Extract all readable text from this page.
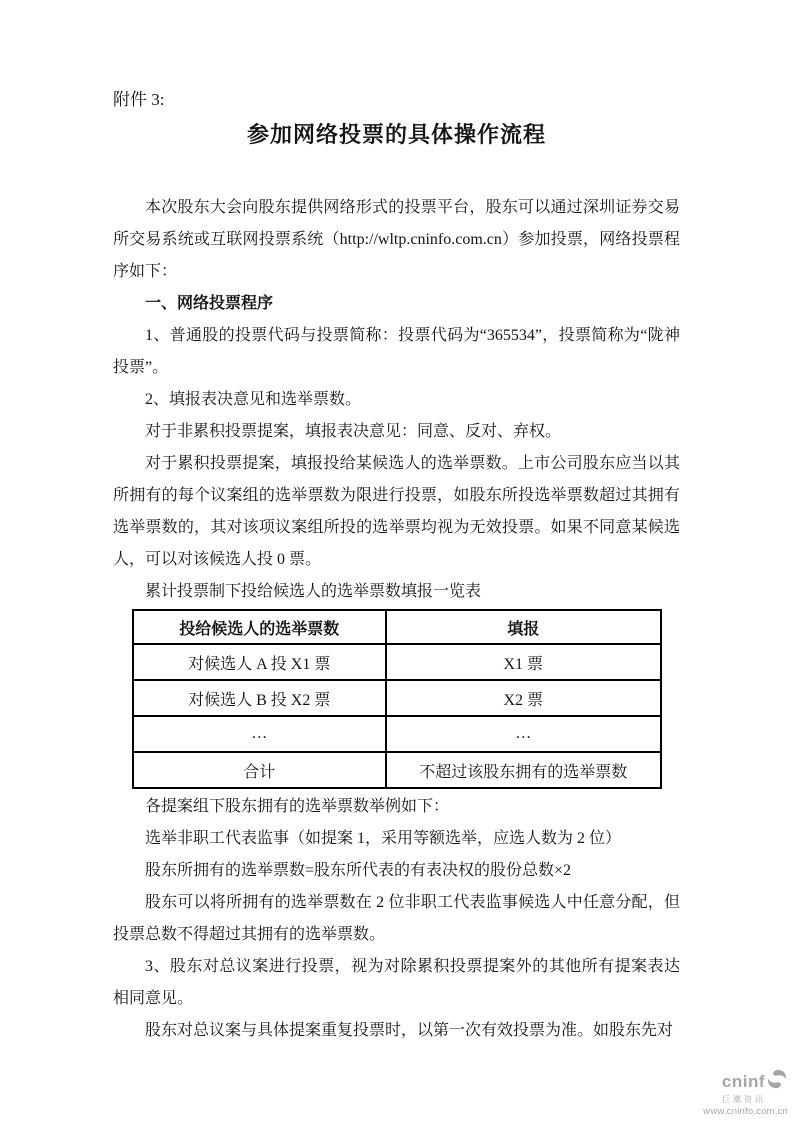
附件 3:
参加网络投票的具体操作流程

本次股东大会向股东提供网络形式的投票平台，股东可以通过深圳证券交易所交易系统或互联网投票系统（http://wltp.cninfo.com.cn）参加投票，网络投票程序如下：

一、网络投票程序

1、普通股的投票代码与投票简称：投票代码为“365534”，投票简称为“陇神投票”。

2、填报表决意见和选举票数。

对于非累积投票提案，填报表决意见：同意、反对、弃权。

对于累积投票提案，填报投给某候选人的选举票数。上市公司股东应当以其所拥有的每个议案组的选举票数为限进行投票，如股东所投选举票数超过其拥有选举票数的，其对该项议案组所投的选举票均视为无效投票。如果不同意某候选人，可以对该候选人投 0 票。

累计投票制下投给候选人的选举票数填报一览表

投给候选人的选举票数	填报
对候选人 A 投 X1 票	X1 票
对候选人 B 投 X2 票	X2 票
…	…
合计	不超过该股东拥有的选举票数

各提案组下股东拥有的选举票数举例如下：

选举非职工代表监事（如提案 1，采用等额选举，应选人数为 2 位）

股东所拥有的选举票数=股东所代表的有表决权的股份总数×2

股东可以将所拥有的选举票数在 2 位非职工代表监事候选人中任意分配，但投票总数不得超过其拥有的选举票数。

3、股东对总议案进行投票，视为对除累积投票提案外的其他所有提案表达相同意见。

股东对总议案与具体提案重复投票时，以第一次有效投票为准。如股东先对

cninf
巨潮资讯
www.cninfo.com.cn
